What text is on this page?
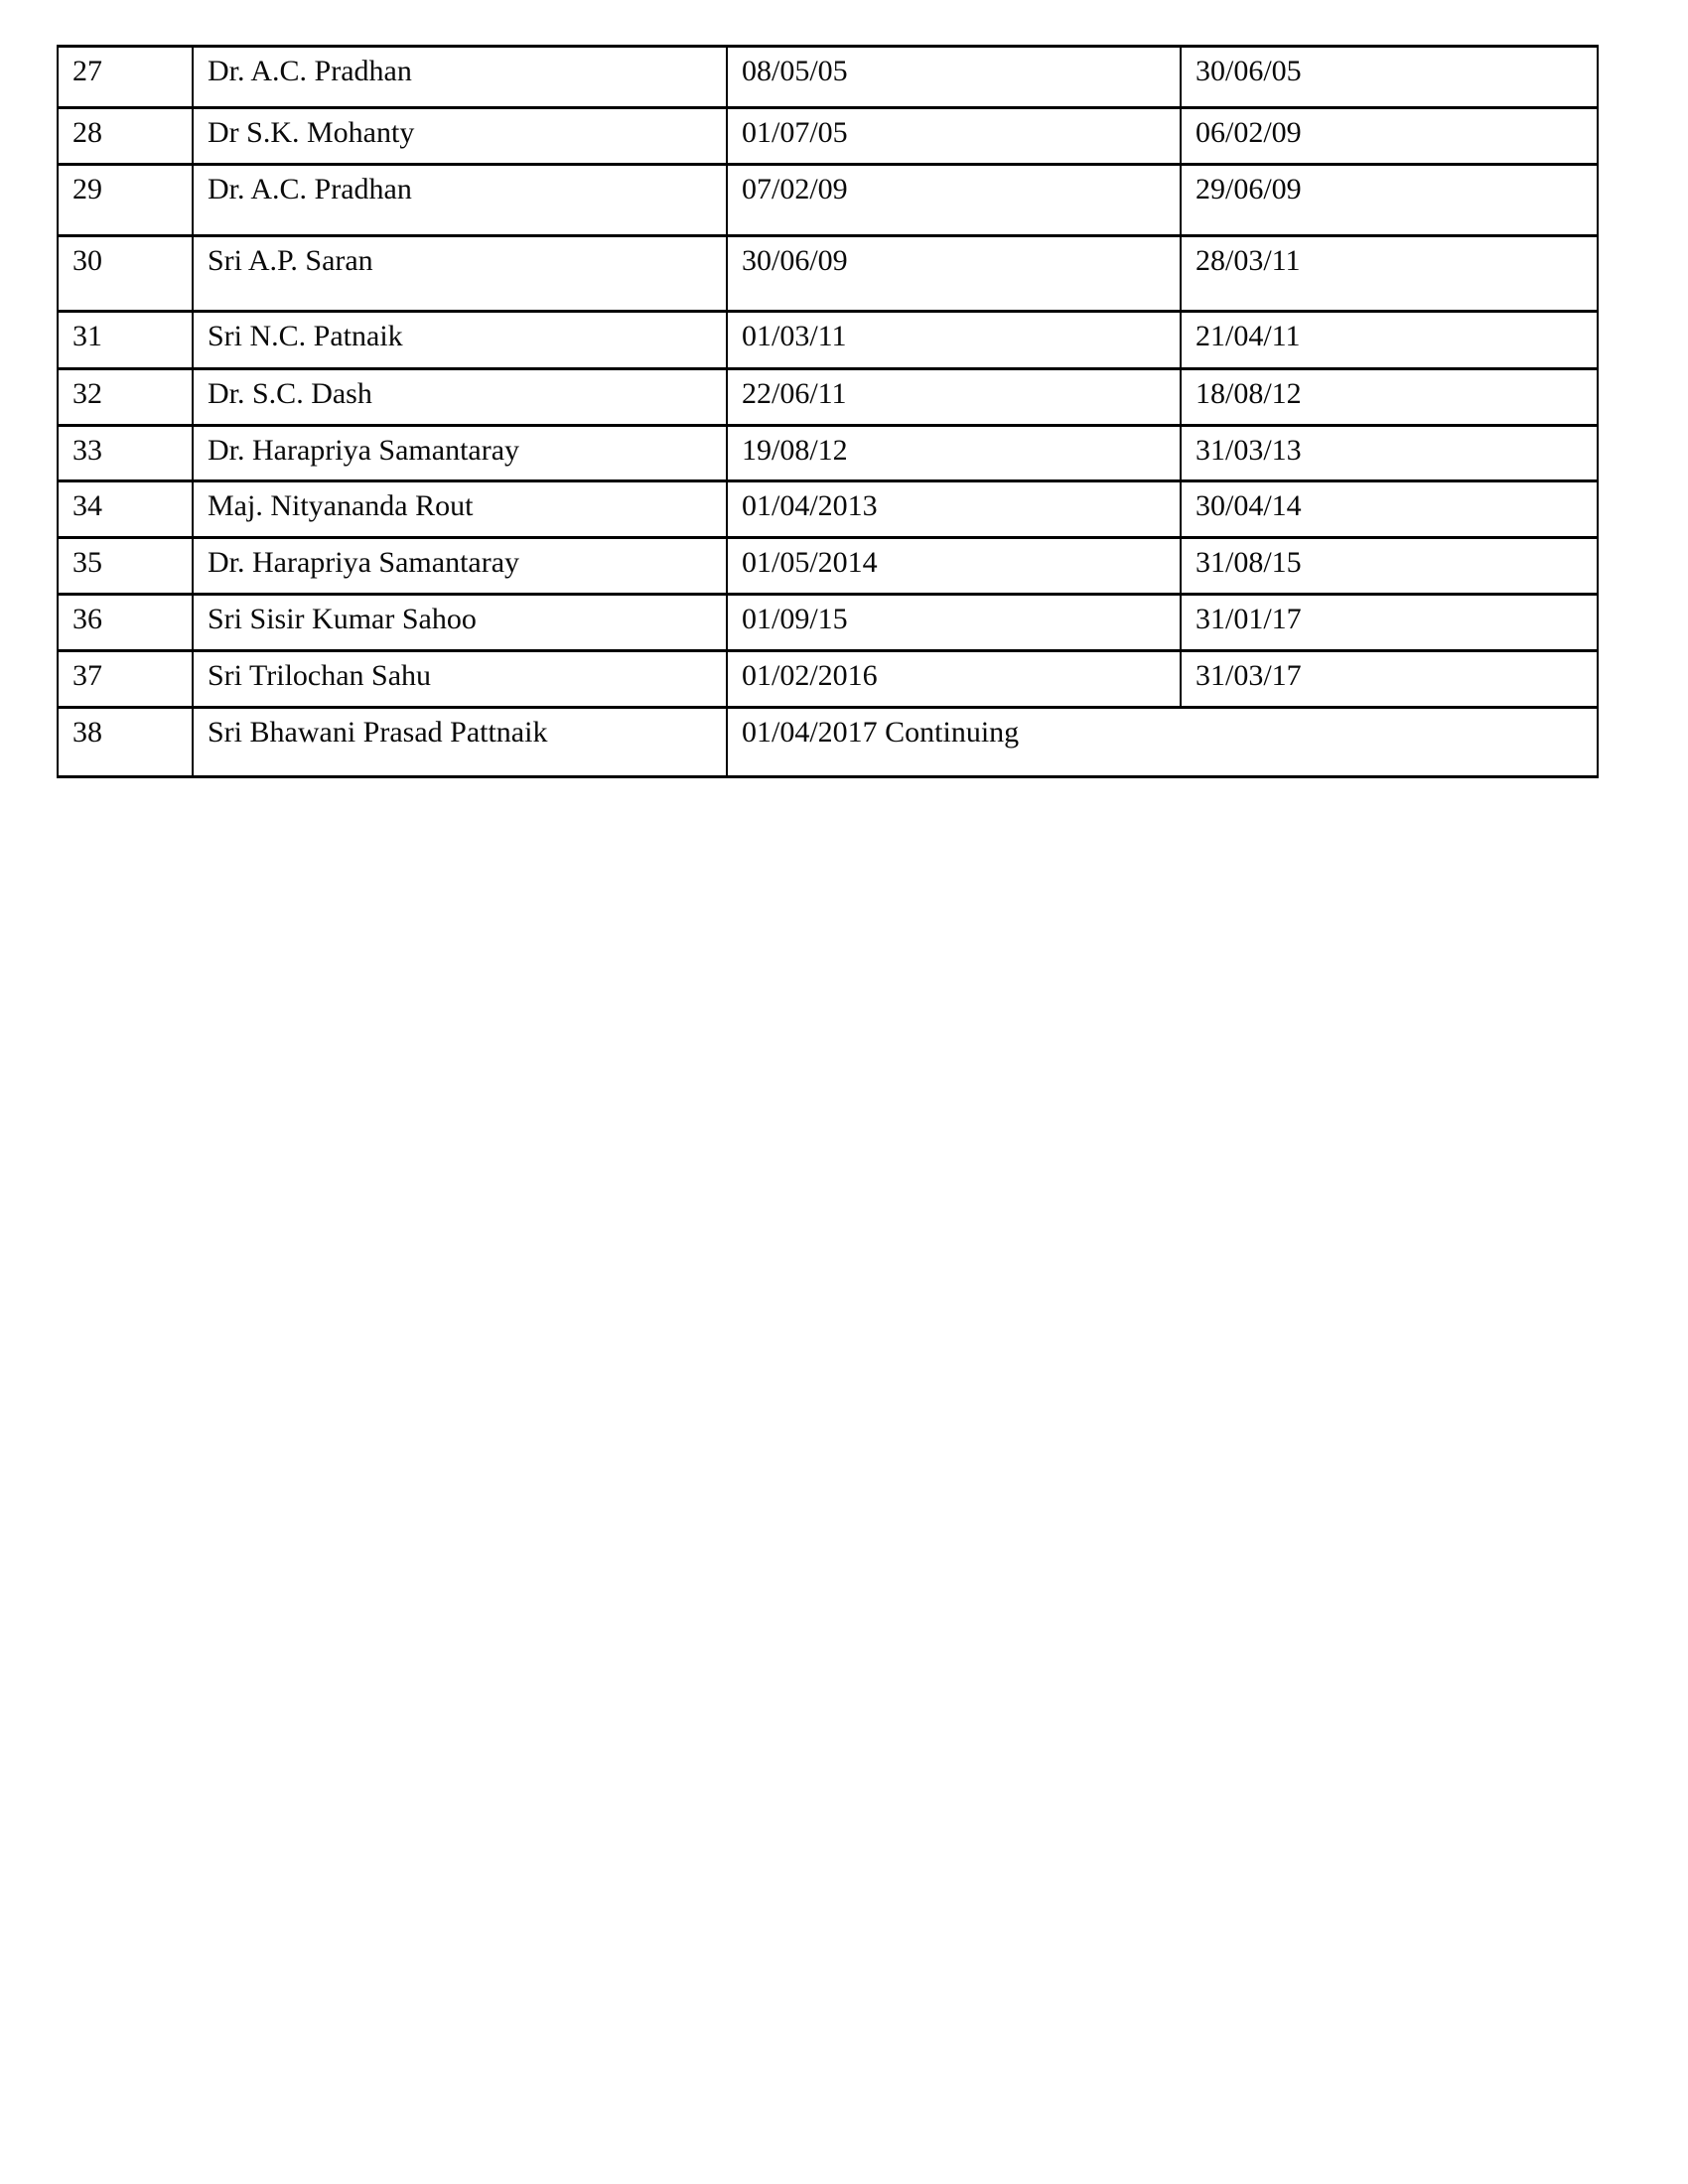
27	Dr. A.C. Pradhan	08/05/05	30/06/05
28	Dr S.K. Mohanty	01/07/05	06/02/09
29	Dr. A.C. Pradhan	07/02/09	29/06/09
30	Sri A.P. Saran	30/06/09	28/03/11
31	Sri N.C. Patnaik	01/03/11	21/04/11
32	Dr. S.C. Dash	22/06/11	18/08/12
33	Dr. Harapriya Samantaray	19/08/12	31/03/13
34	Maj. Nityananda Rout	01/04/2013	30/04/14
35	Dr. Harapriya Samantaray	01/05/2014	31/08/15
36	Sri Sisir Kumar Sahoo	01/09/15	31/01/17
37	Sri Trilochan Sahu	01/02/2016	31/03/17
38	Sri Bhawani Prasad Pattnaik	01/04/2017 Continuing	
